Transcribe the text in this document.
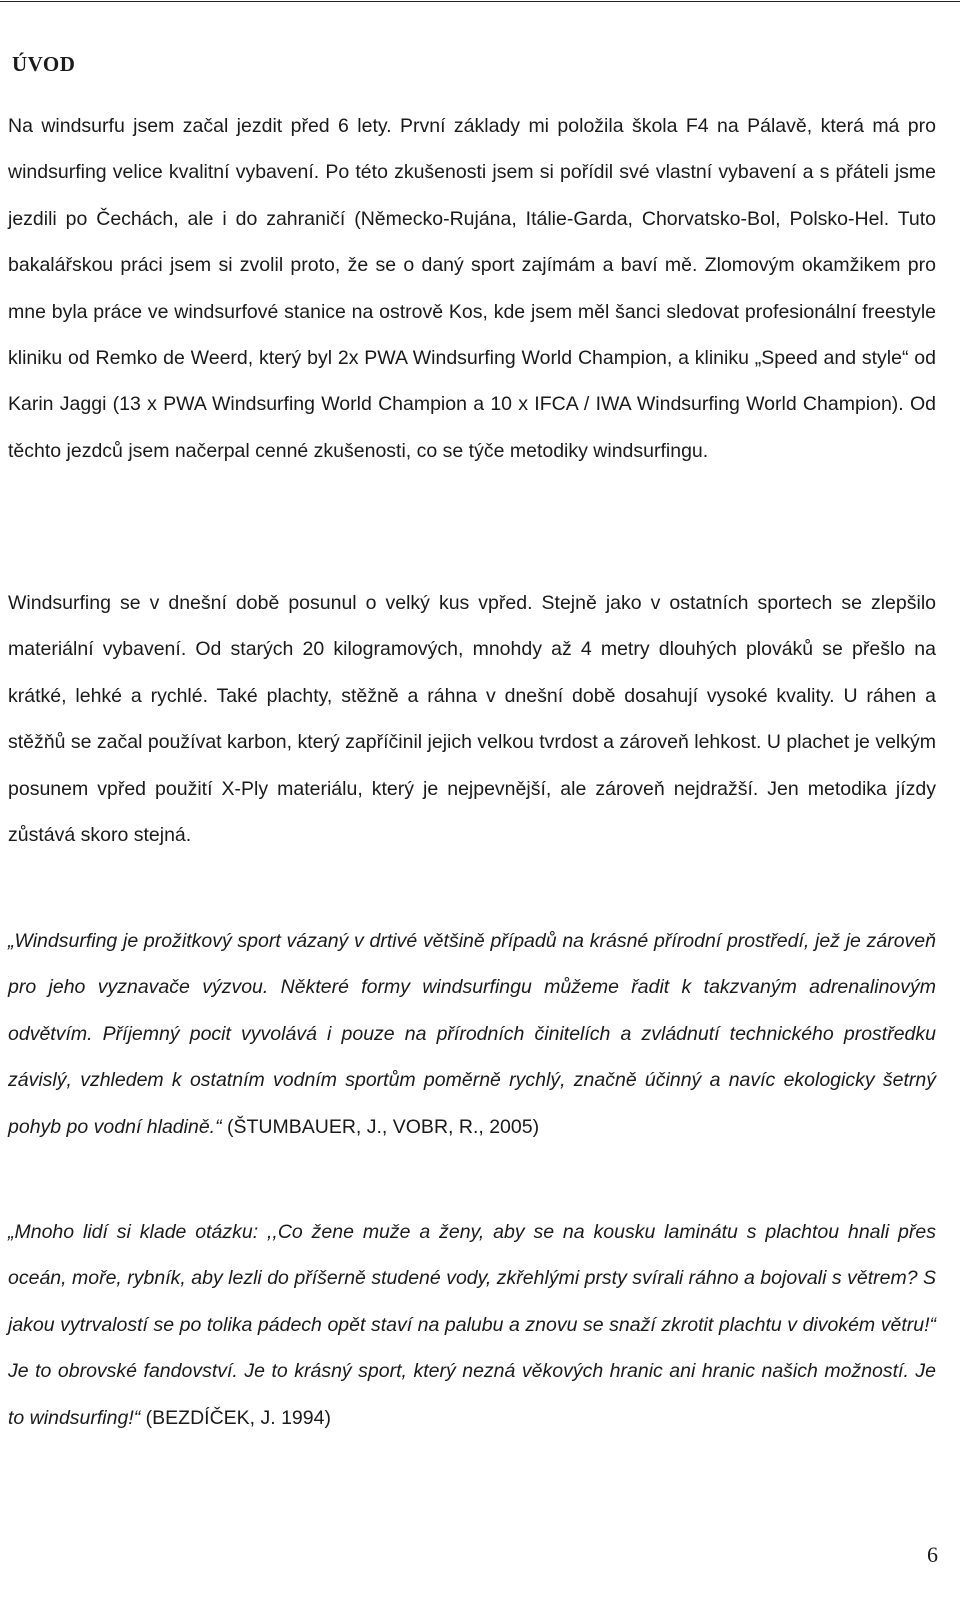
ÚVOD

Na windsurfu jsem začal jezdit před 6 lety. První základy mi položila škola F4 na Pálavě, která má pro windsurfing velice kvalitní vybavení. Po této zkušenosti jsem si pořídil své vlastní vybavení a s přáteli jsme jezdili po Čechách, ale i do zahraničí (Německo-Rujána, Itálie-Garda, Chorvatsko-Bol, Polsko-Hel. Tuto bakalářskou práci jsem si zvolil proto, že se o daný sport zajímám a baví mě. Zlomovým okamžikem pro mne byla práce ve windsurfové stanice na ostrově Kos, kde jsem měl šanci sledovat profesionální freestyle kliniku od Remko de Weerd, který byl 2x PWA Windsurfing World Champion, a kliniku „Speed and style“ od Karin Jaggi (13 x PWA Windsurfing World Champion a 10 x IFCA / IWA Windsurfing World Champion). Od těchto jezdců jsem načerpal cenné zkušenosti, co se týče metodiky windsurfingu.

Windsurfing se v dnešní době posunul o velký kus vpřed. Stejně jako v ostatních sportech se zlepšilo materiální vybavení. Od starých 20 kilogramových, mnohdy až 4 metry dlouhých plováků se přešlo na krátké, lehké a rychlé. Také plachty, stěžně a ráhna v dnešní době dosahují vysoké kvality. U ráhen a stěžňů se začal používat karbon, který zapříčinil jejich velkou tvrdost a zároveň lehkost. U plachet je velkým posunem vpřed použití X-Ply materiálu, který je nejpevnější, ale zároveň nejdražší. Jen metodika jízdy zůstává skoro stejná.

„Windsurfing je prožitkový sport vázaný v drtivé většině případů na krásné přírodní prostředí, jež je zároveň pro jeho vyznavače výzvou. Některé formy windsurfingu můžeme řadit k takzvaným adrenalinovým odvětvím. Příjemný pocit vyvolává i pouze na přírodních činitelích a zvládnutí technického prostředku závislý, vzhledem k ostatním vodním sportům poměrně rychlý, značně účinný a navíc ekologicky šetrný pohyb po vodní hladině.“ (ŠTUMBAUER, J., VOBR, R., 2005)

„Mnoho lidí si klade otázku: ,,Co žene muže a ženy, aby se na kousku laminátu s plachtou hnali přes oceán, moře, rybník, aby lezli do příšerně studené vody, zkřehlými prsty svírali ráhno a bojovali s větrem? S jakou vytrvalostí se po tolika pádech opět staví na palubu a znovu se snaží zkrotit plachtu v divokém větru!“ Je to obrovské fandovství. Je to krásný sport, který nezná věkových hranic ani hranic našich možností. Je to windsurfing!“ (BEZDÍČEK, J. 1994)

6
